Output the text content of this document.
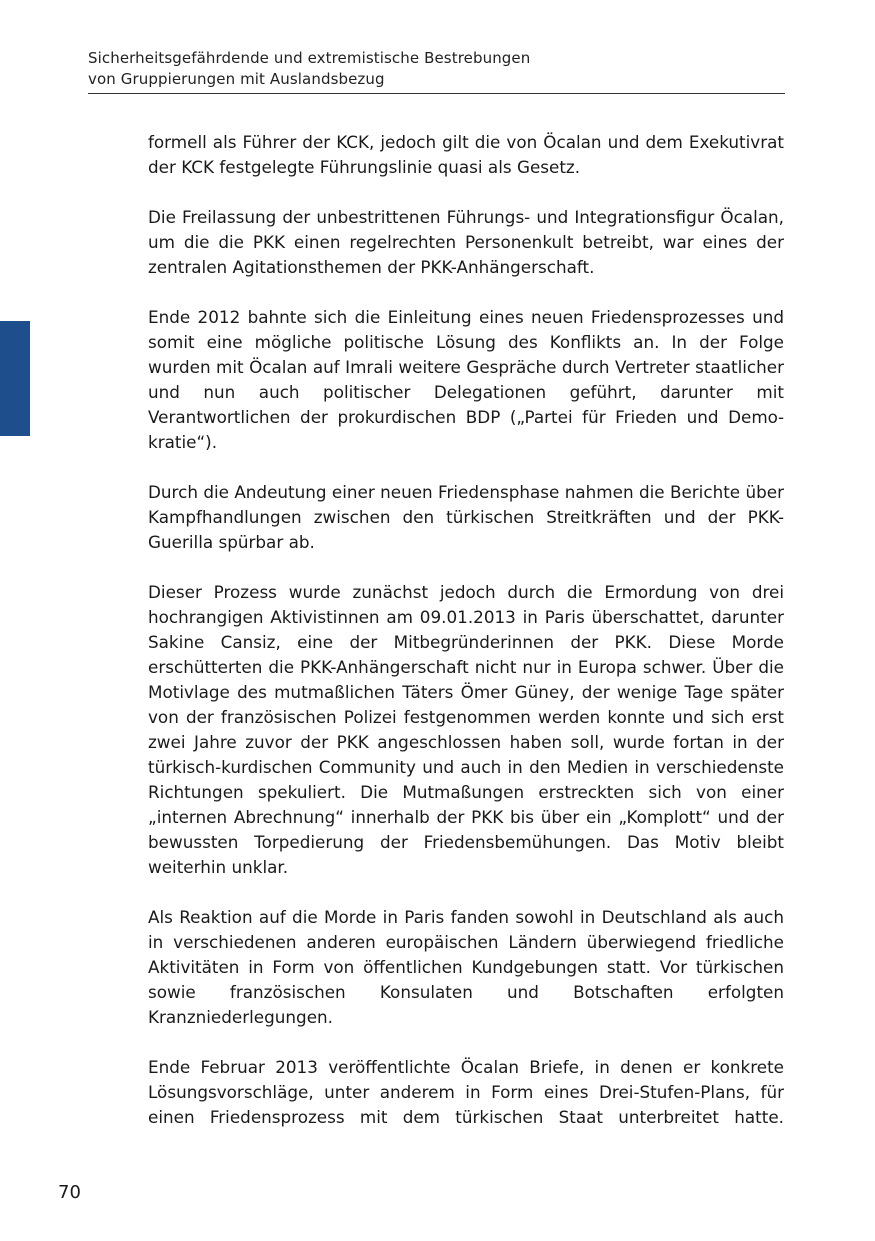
Sicherheitsgefährdende und extremistische Bestrebungen
von Gruppierungen mit Auslandsbezug

formell als Führer der KCK, jedoch gilt die von Öcalan und dem Exekutivrat der KCK festgelegte Führungslinie quasi als Gesetz.

Die Freilassung der unbestrittenen Führungs- und Integrationsfigur Öcalan, um die die PKK einen regelrechten Personenkult betreibt, war eines der zentralen Agitationsthemen der PKK-Anhängerschaft.

Ende 2012 bahnte sich die Einleitung eines neuen Friedensprozesses und somit eine mögliche politische Lösung des Konflikts an. In der Folge wurden mit Öcalan auf Imrali weitere Gespräche durch Vertreter staatlicher und nun auch politischer Delegationen geführt, darunter mit Verantwortlichen der prokurdischen BDP („Partei für Frieden und Demokratie“).

Durch die Andeutung einer neuen Friedensphase nahmen die Berichte über Kampfhandlungen zwischen den türkischen Streitkräften und der PKK-Guerilla spürbar ab.

Dieser Prozess wurde zunächst jedoch durch die Ermordung von drei hochrangigen Aktivistinnen am 09.01.2013 in Paris überschattet, darunter Sakine Cansiz, eine der Mitbegründerinnen der PKK. Diese Morde erschütterten die PKK-Anhängerschaft nicht nur in Europa schwer. Über die Motivlage des mutmaßlichen Täters Ömer Güney, der wenige Tage später von der französischen Polizei festgenommen werden konnte und sich erst zwei Jahre zuvor der PKK angeschlossen haben soll, wurde fortan in der türkisch-kurdischen Community und auch in den Medien in verschiedenste Richtungen spekuliert. Die Mutmaßungen erstreckten sich von einer „internen Abrechnung“ innerhalb der PKK bis über ein „Komplott“ und der bewussten Torpedierung der Friedensbemühungen. Das Motiv bleibt weiterhin unklar.

Als Reaktion auf die Morde in Paris fanden sowohl in Deutschland als auch in verschiedenen anderen europäischen Ländern überwiegend friedliche Aktivitäten in Form von öffentlichen Kundgebungen statt. Vor türkischen sowie französischen Konsulaten und Botschaften erfolgten Kranzniederlegungen.

Ende Februar 2013 veröffentlichte Öcalan Briefe, in denen er konkrete Lösungsvorschläge, unter anderem in Form eines Drei-Stufen-Plans, für einen Friedensprozess mit dem türkischen Staat unterbreitet hatte.

70
